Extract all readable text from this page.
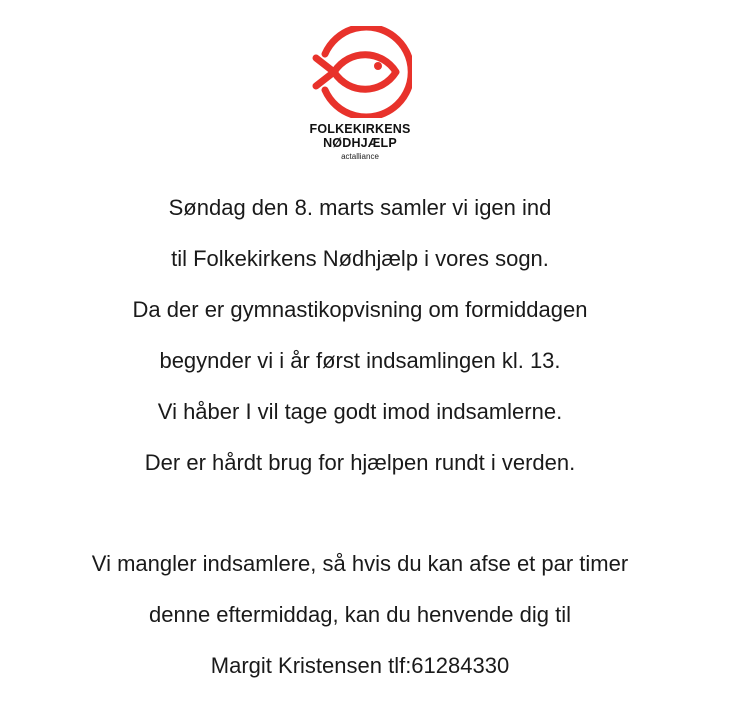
FOLKEKIRKENS
NØDHJÆLP
actalliance
Søndag den 8. marts samler vi igen ind
til Folkekirkens Nødhjælp i vores sogn.
Da der er gymnastikopvisning om formiddagen
begynder vi i år først indsamlingen kl. 13.
Vi håber I vil tage godt imod indsamlerne.
Der er hårdt brug for hjælpen rundt i verden.
Vi mangler indsamlere, så hvis du kan afse et par timer
denne eftermiddag, kan du henvende dig til
Margit Kristensen tlf:61284330
